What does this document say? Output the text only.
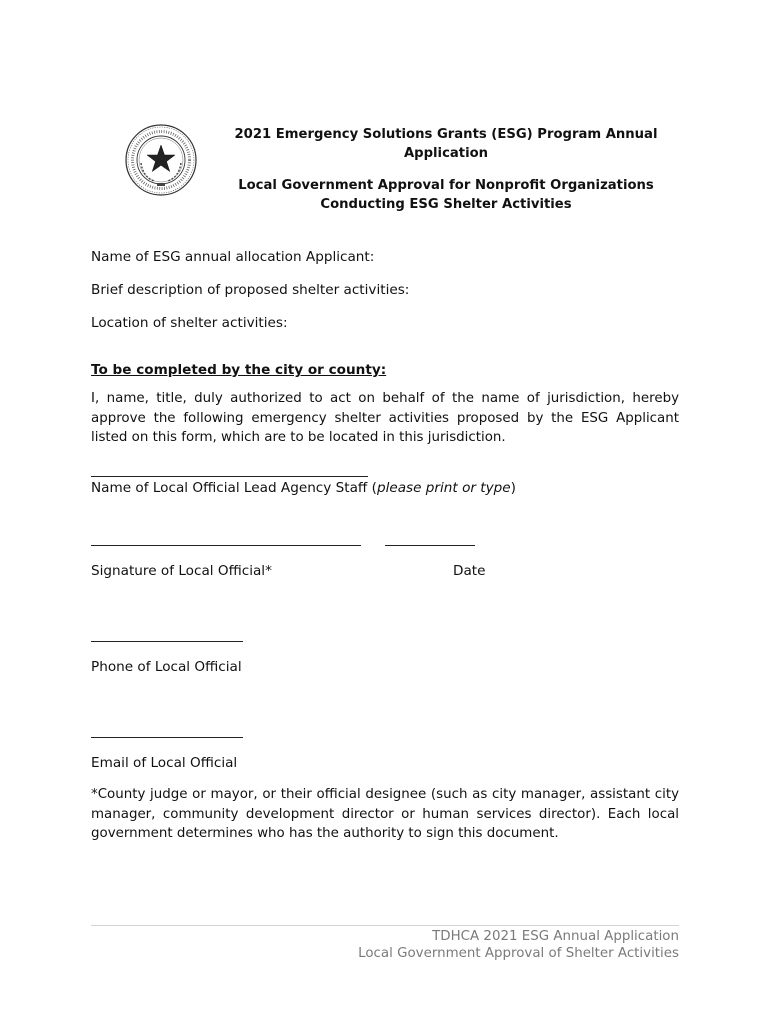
2021 Emergency Solutions Grants (ESG) Program Annual
Application
Local Government Approval for Nonprofit Organizations
Conducting ESG Shelter Activities
Name of ESG annual allocation Applicant:
Brief description of proposed shelter activities:
Location of shelter activities:
To be completed by the city or county:
I, name, title, duly authorized to act on behalf of the name of jurisdiction, hereby approve the following emergency shelter activities proposed by the ESG Applicant listed on this form, which are to be located in this jurisdiction.
Name of Local Official Lead Agency Staff (please print or type)
Signature of Local Official*	Date
Phone of Local Official
Email of Local Official
*County judge or mayor, or their official designee (such as city manager, assistant city manager, community development director or human services director). Each local government determines who has the authority to sign this document.
TDHCA 2021 ESG Annual Application
Local Government Approval of Shelter Activities
